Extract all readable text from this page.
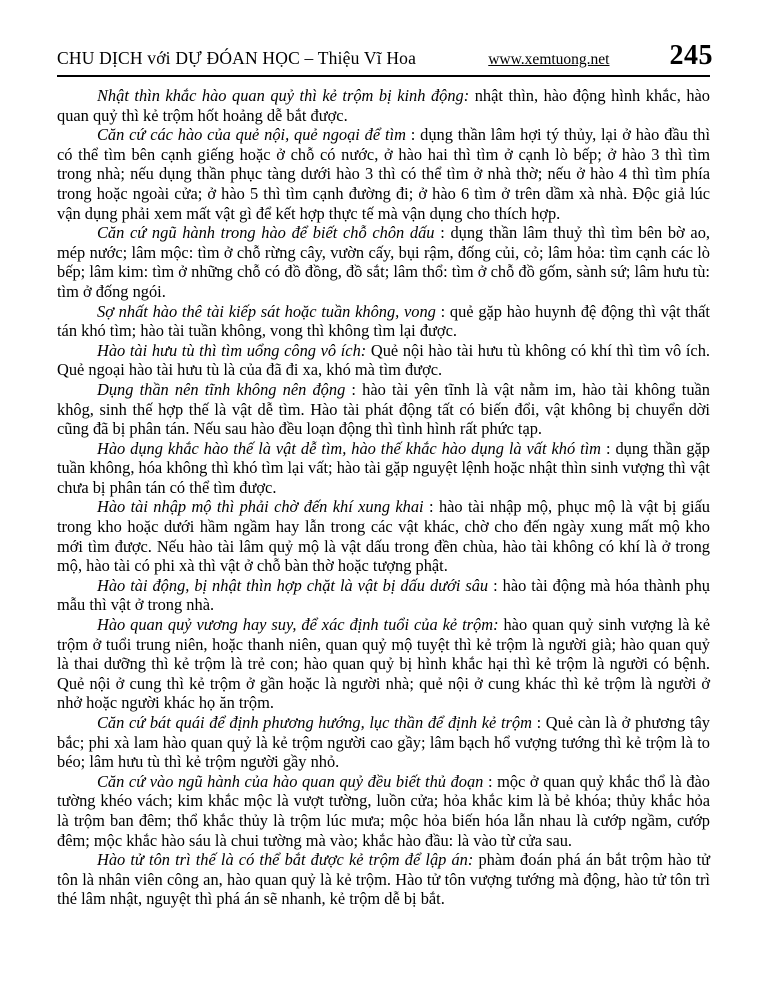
CHU DỊCH với DỰ ĐÓAN HỌC – Thiệu Vĩ Hoa	www.xemtuong.net 245

Nhật thìn khắc hào quan quỷ thì kẻ trộm bị kinh động: nhật thìn, hào động hình khắc, hào quan quỷ thì kẻ trộm hốt hoảng dễ bắt được.

Căn cứ các hào của quẻ nội, quẻ ngoại để tìm : dụng thần lâm hợi tý thủy, lại ở hào đầu thì có thể tìm bên cạnh giếng hoặc ở chỗ có nước, ở hào hai thì tìm ở cạnh lò bếp; ở hào 3 thì tìm trong nhà; nếu dụng thần phục tàng dưới hào 3 thì có thể tìm ở nhà thờ; nếu ở hào 4 thì tìm phía trong hoặc ngoài cửa; ở hào 5 thì tìm cạnh đường đi; ở hào 6 tìm ở trên dầm xà nhà. Độc giả lúc vận dụng phải xem mất vật gì để kết hợp thực tế mà vận dụng cho thích hợp.

Căn cứ ngũ hành trong hào để biết chỗ chôn dấu : dụng thần lâm thuỷ thì tìm bên bờ ao, mép nước; lâm mộc: tìm ở chỗ rừng cây, vườn cấy, bụi rậm, đống củi, cỏ; lâm hỏa: tìm cạnh các lò bếp; lâm kim: tìm ở những chỗ có đồ đồng, đồ sắt; lâm thổ: tìm ở chỗ đồ gốm, sành sứ; lâm hưu tù: tìm ở đống ngói.

Sợ nhất hào thê tài kiếp sát hoặc tuần không, vong : quẻ gặp hào huynh đệ động thì vật thất tán khó tìm; hào tài tuần không, vong thì không tìm lại được.

Hào tài hưu tù thì tìm uổng công vô ích: Quẻ nội hào tài hưu tù không có khí thì tìm vô ích. Quẻ ngoại hào tài hưu tù là của đã đi xa, khó mà tìm được.

Dụng thần nên tĩnh không nên động : hào tài yên tĩnh là vật nằm im, hào tài không tuần khôg, sinh thế hợp thế là vật dễ tìm. Hào tài phát động tất có biến đổi, vật không bị chuyển dời cũng đã bị phân tán. Nếu sau hào đều loạn động thì tình hình rất phức tạp.

Hào dụng khắc hào thế là vật dễ tìm, hào thế khắc hào dụng là vất khó tìm : dụng thần gặp tuần không, hóa không thì khó tìm lại vất; hào tài gặp nguyệt lệnh hoặc nhật thìn sinh vượng thì vật chưa bị phân tán có thể tìm được.

Hào tài nhập mộ thì phải chờ đến khí xung khai : hào tài nhập mộ, phục mộ là vật bị giấu trong kho hoặc dưới hầm ngầm hay lẫn trong các vật khác, chờ cho đến ngày xung mất mộ kho mới tìm được. Nếu hào tài lâm quỷ mộ là vật dấu trong đền chùa, hào tài không có khí là ở trong mộ, hào tài có phi xà thì vật ở chỗ bàn thờ hoặc tượng phật.

Hào tài động, bị nhật thìn hợp chặt là vật bị dấu dưới sâu : hào tài động mà hóa thành phụ mẫu thì vật ở trong nhà.

Hào quan quỷ vương hay suy, để xác định tuổi của kẻ trộm: hào quan quỷ sinh vượng là kẻ trộm ở tuổi trung niên, hoặc thanh niên, quan quỷ mộ tuyệt thì kẻ trộm là người già; hào quan quỷ là thai dưỡng thì kẻ trộm là trẻ con; hào quan quỷ bị hình khắc hại thì kẻ trộm là người có bệnh. Quẻ nội ở cung thì kẻ trộm ở gần hoặc là người nhà; quẻ nội ở cung khác thì kẻ trộm là người ở nhở hoặc người khác họ ăn trộm.

Căn cứ bát quái để định phương hướng, lục thần để định kẻ trộm : Quẻ càn là ở phương tây bắc; phi xà lam hào quan quỷ là kẻ trộm người cao gầy; lâm bạch hổ vượng tướng thì kẻ trộm là to béo; lâm hưu tù thì kẻ trộm người gầy nhỏ.

Căn cứ vào ngũ hành của hào quan quỷ đều biết thủ đoạn : mộc ở quan quỷ khắc thổ là đào tường khéo vách; kim khắc mộc là vượt tường, luồn cửa; hỏa khắc kim là bẻ khóa; thủy khắc hỏa là trộm ban đêm; thổ khắc thủy là trộm lúc mưa; mộc hỏa biến hóa lẫn nhau là cướp ngầm, cướp đêm; mộc khắc hào sáu là chui tường mà vào; khắc hào đầu: là vào từ cửa sau.

Hào tử tôn trì thế là có thể bắt được kẻ trộm để lập án: phàm đoán phá án bắt trộm hào tử tôn là nhân viên công an, hào quan quỷ là kẻ trộm. Hào tử tôn vượng tướng mà động, hào tử tôn trì thé lâm nhật, nguyệt thì phá án sẽ nhanh, kẻ trộm dễ bị bắt.
